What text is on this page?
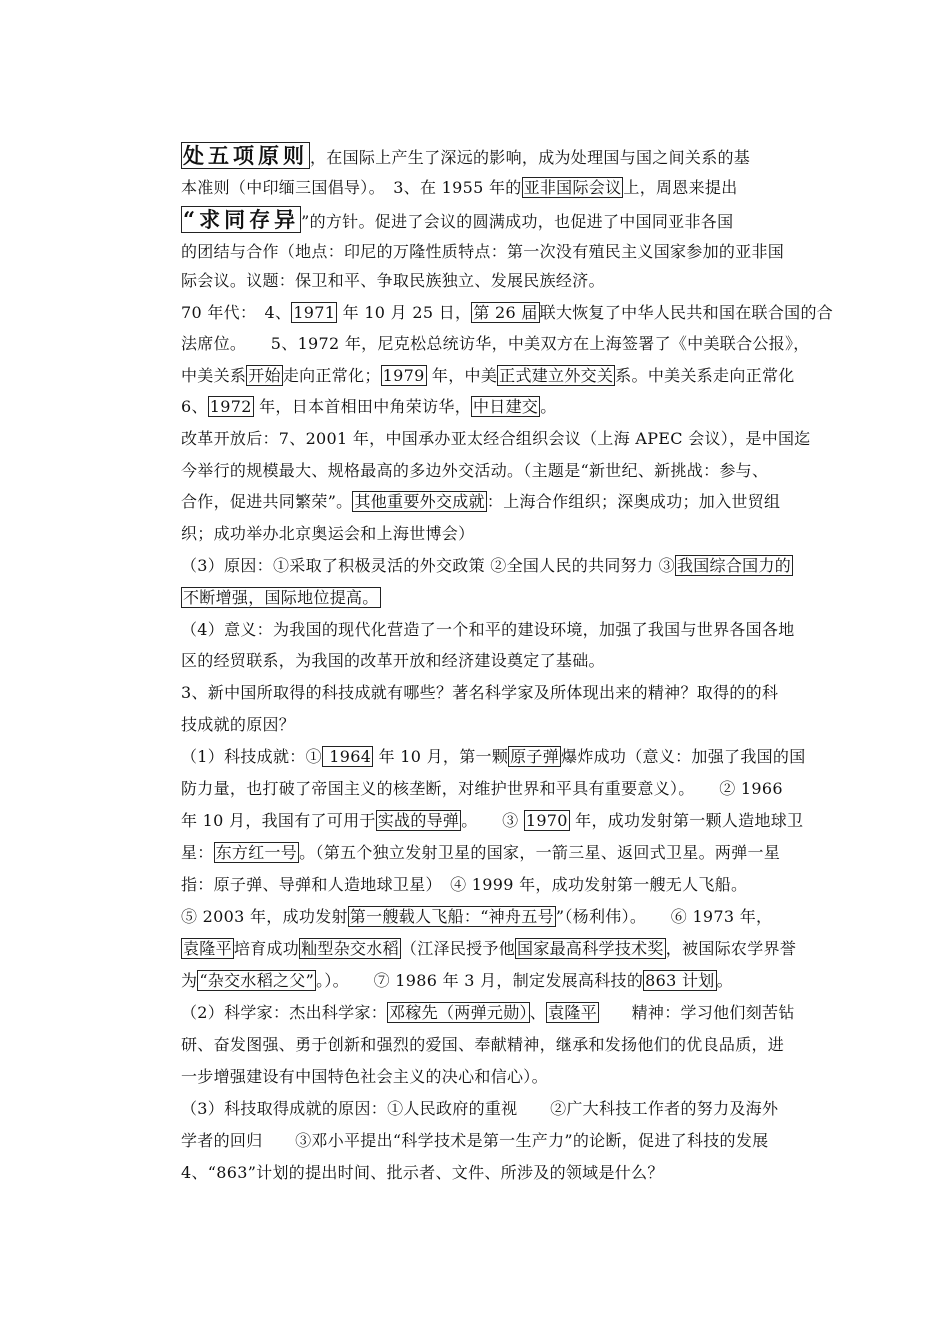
处五项原则 ，在国际上产生了深远的影响，成为处理国与国之间关系的基
本准则（中印缅三国倡导）。　3、在 1955 年的 亚非国际会议 上，周恩来提出
“求同存异 ”的方针。促进了会议的圆满成功，也促进了中国同亚非各国
的团结与合作（地点：印尼的万隆性质特点：第一次没有殖民主义国家参加的亚非国
际会议。议题：保卫和平、争取民族独立、发展民族经济。
70 年代：　4、 1971 年 10 月 25 日， 第 26 届 联大恢复了中华人民共和国在联合国的合
法席位。　　5、1972 年，尼克松总统访华，中美双方在上海签署了《中美联合公报》，
中美关系 开始 走向正常化； 1979 年，中美 正式建立外交关 系。中美关系走向正常化
6、 1972 年，日本首相田中角荣访华， 中日建交 。
改革开放后：7、2001 年，中国承办亚太经合组织会议（上海 APEC 会议），是中国迄
今举行的规模最大、规格最高的多边外交活动。（主题是“新世纪、新挑战：参与、
合作，促进共同繁荣”。 其他重要外交成就 ：上海合作组织；深奥成功；加入世贸组
织；成功举办北京奥运会和上海世博会）
（3）原因：①采取了积极灵活的外交政策 ②全国人民的共同努力 ③ 我国综合国力的
不断增强，国际地位提高。
（4）意义：为我国的现代化营造了一个和平的建设环境，加强了我国与世界各国各地
区的经贸联系，为我国的改革开放和经济建设奠定了基础。
3、新中国所取得的科技成就有哪些？著名科学家及所体现出来的精神？取得的的科
技成就的原因？
（1）科技成就：① 1964 年 10 月，第一颗 原子弹 爆炸成功（意义：加强了我国的国
防力量，也打破了帝国主义的核垄断，对维护世界和平具有重要意义）。　　② 1966
年 10 月，我国有了可用于 实战的导弹 。　　③ 1970 年，成功发射第一颗人造地球卫
星： 东方红一号 。（第五个独立发射卫星的国家，一箭三星、返回式卫星。两弹一星
指：原子弹、导弹和人造地球卫星）　④ 1999 年，成功发射第一艘无人飞船。
⑤ 2003 年，成功发射 第一艘载人飞船：“神舟五号 ”（杨利伟）。　　⑥ 1973 年，
袁隆平 培育成功 籼型杂交水稻 （江泽民授予他 国家最高科学技术奖 ，被国际农学界誉
为 “杂交水稻之父” 。）。　　⑦ 1986 年 3 月，制定发展高科技的 863 计划 。
（2）科学家：杰出科学家： 邓稼先（两弹元勋） 、 袁隆平　　精神：学习他们刻苦钻
研、奋发图强、勇于创新和强烈的爱国、奉献精神，继承和发扬他们的优良品质，进
一步增强建设有中国特色社会主义的决心和信心）。
（3）科技取得成就的原因：①人民政府的重视　　②广大科技工作者的努力及海外
学者的回归　　③邓小平提出“科学技术是第一生产力”的论断，促进了科技的发展
4、“863”计划的提出时间、批示者、文件、所涉及的领域是什么？
